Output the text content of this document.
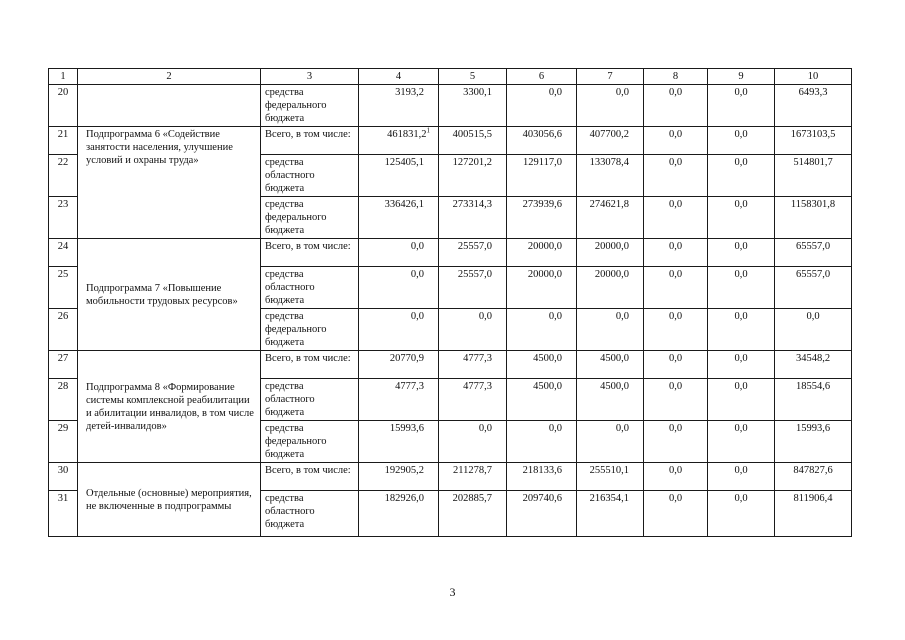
1	2	3	4	5	6	7	8	9	10
20		средства федерального бюджета	3193,2	3300,1	0,0	0,0	0,0	0,0	6493,3
21	Подпрограмма 6 «Содействие занятости населения, улучшение условий и охраны труда»	Всего, в том числе:	461831,2$^1$	400515,5	403056,6	407700,2	0,0	0,0	1673103,5
22		средства областного бюджета	125405,1	127201,2	129117,0	133078,4	0,0	0,0	514801,7
23		средства федерального бюджета	336426,1	273314,3	273939,6	274621,8	0,0	0,0	1158301,8
24	Подпрограмма 7 «Повышение мобильности трудовых ресурсов»	Всего, в том числе:	0,0	25557,0	20000,0	20000,0	0,0	0,0	65557,0
25		средства областного бюджета	0,0	25557,0	20000,0	20000,0	0,0	0,0	65557,0
26		средства федерального бюджета	0,0	0,0	0,0	0,0	0,0	0,0	0,0
27	Подпрограмма 8 «Формирование системы комплексной реабилитации и абилитации инвалидов, в том числе детей-инвалидов»	Всего, в том числе:	20770,9	4777,3	4500,0	4500,0	0,0	0,0	34548,2
28		средства областного бюджета	4777,3	4777,3	4500,0	4500,0	0,0	0,0	18554,6
29		средства федерального бюджета	15993,6	0,0	0,0	0,0	0,0	0,0	15993,6
30	Отдельные (основные) мероприятия, не включенные в подпрограммы	Всего, в том числе:	192905,2	211278,7	218133,6	255510,1	0,0	0,0	847827,6
31		средства областного бюджета	182926,0	202885,7	209740,6	216354,1	0,0	0,0	811906,4
3
